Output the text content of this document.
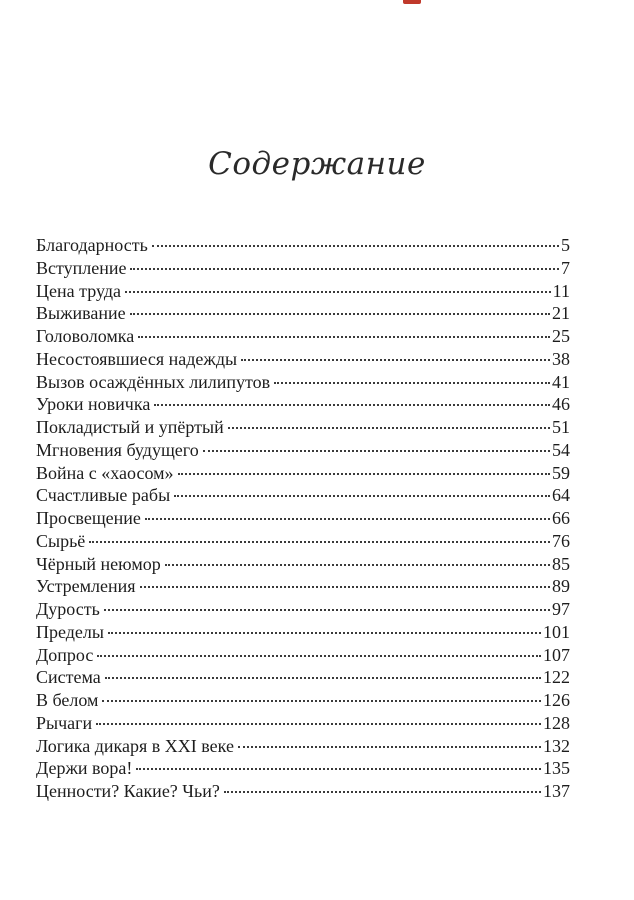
Содержание
Благодарность	5
Вступление	7
Цена труда	11
Выживание	21
Головоломка	25
Несостоявшиеся надежды	38
Вызов осаждённых лилипутов	41
Уроки новичка	46
Покладистый и упёртый	51
Мгновения будущего	54
Война с «хаосом»	59
Счастливые рабы	64
Просвещение	66
Сырьё	76
Чёрный неюмор	85
Устремления	89
Дурость	97
Пределы	101
Допрос	107
Система	122
В белом	126
Рычаги	128
Логика дикаря в XXI веке	132
Держи вора!	135
Ценности? Какие? Чьи?	137
